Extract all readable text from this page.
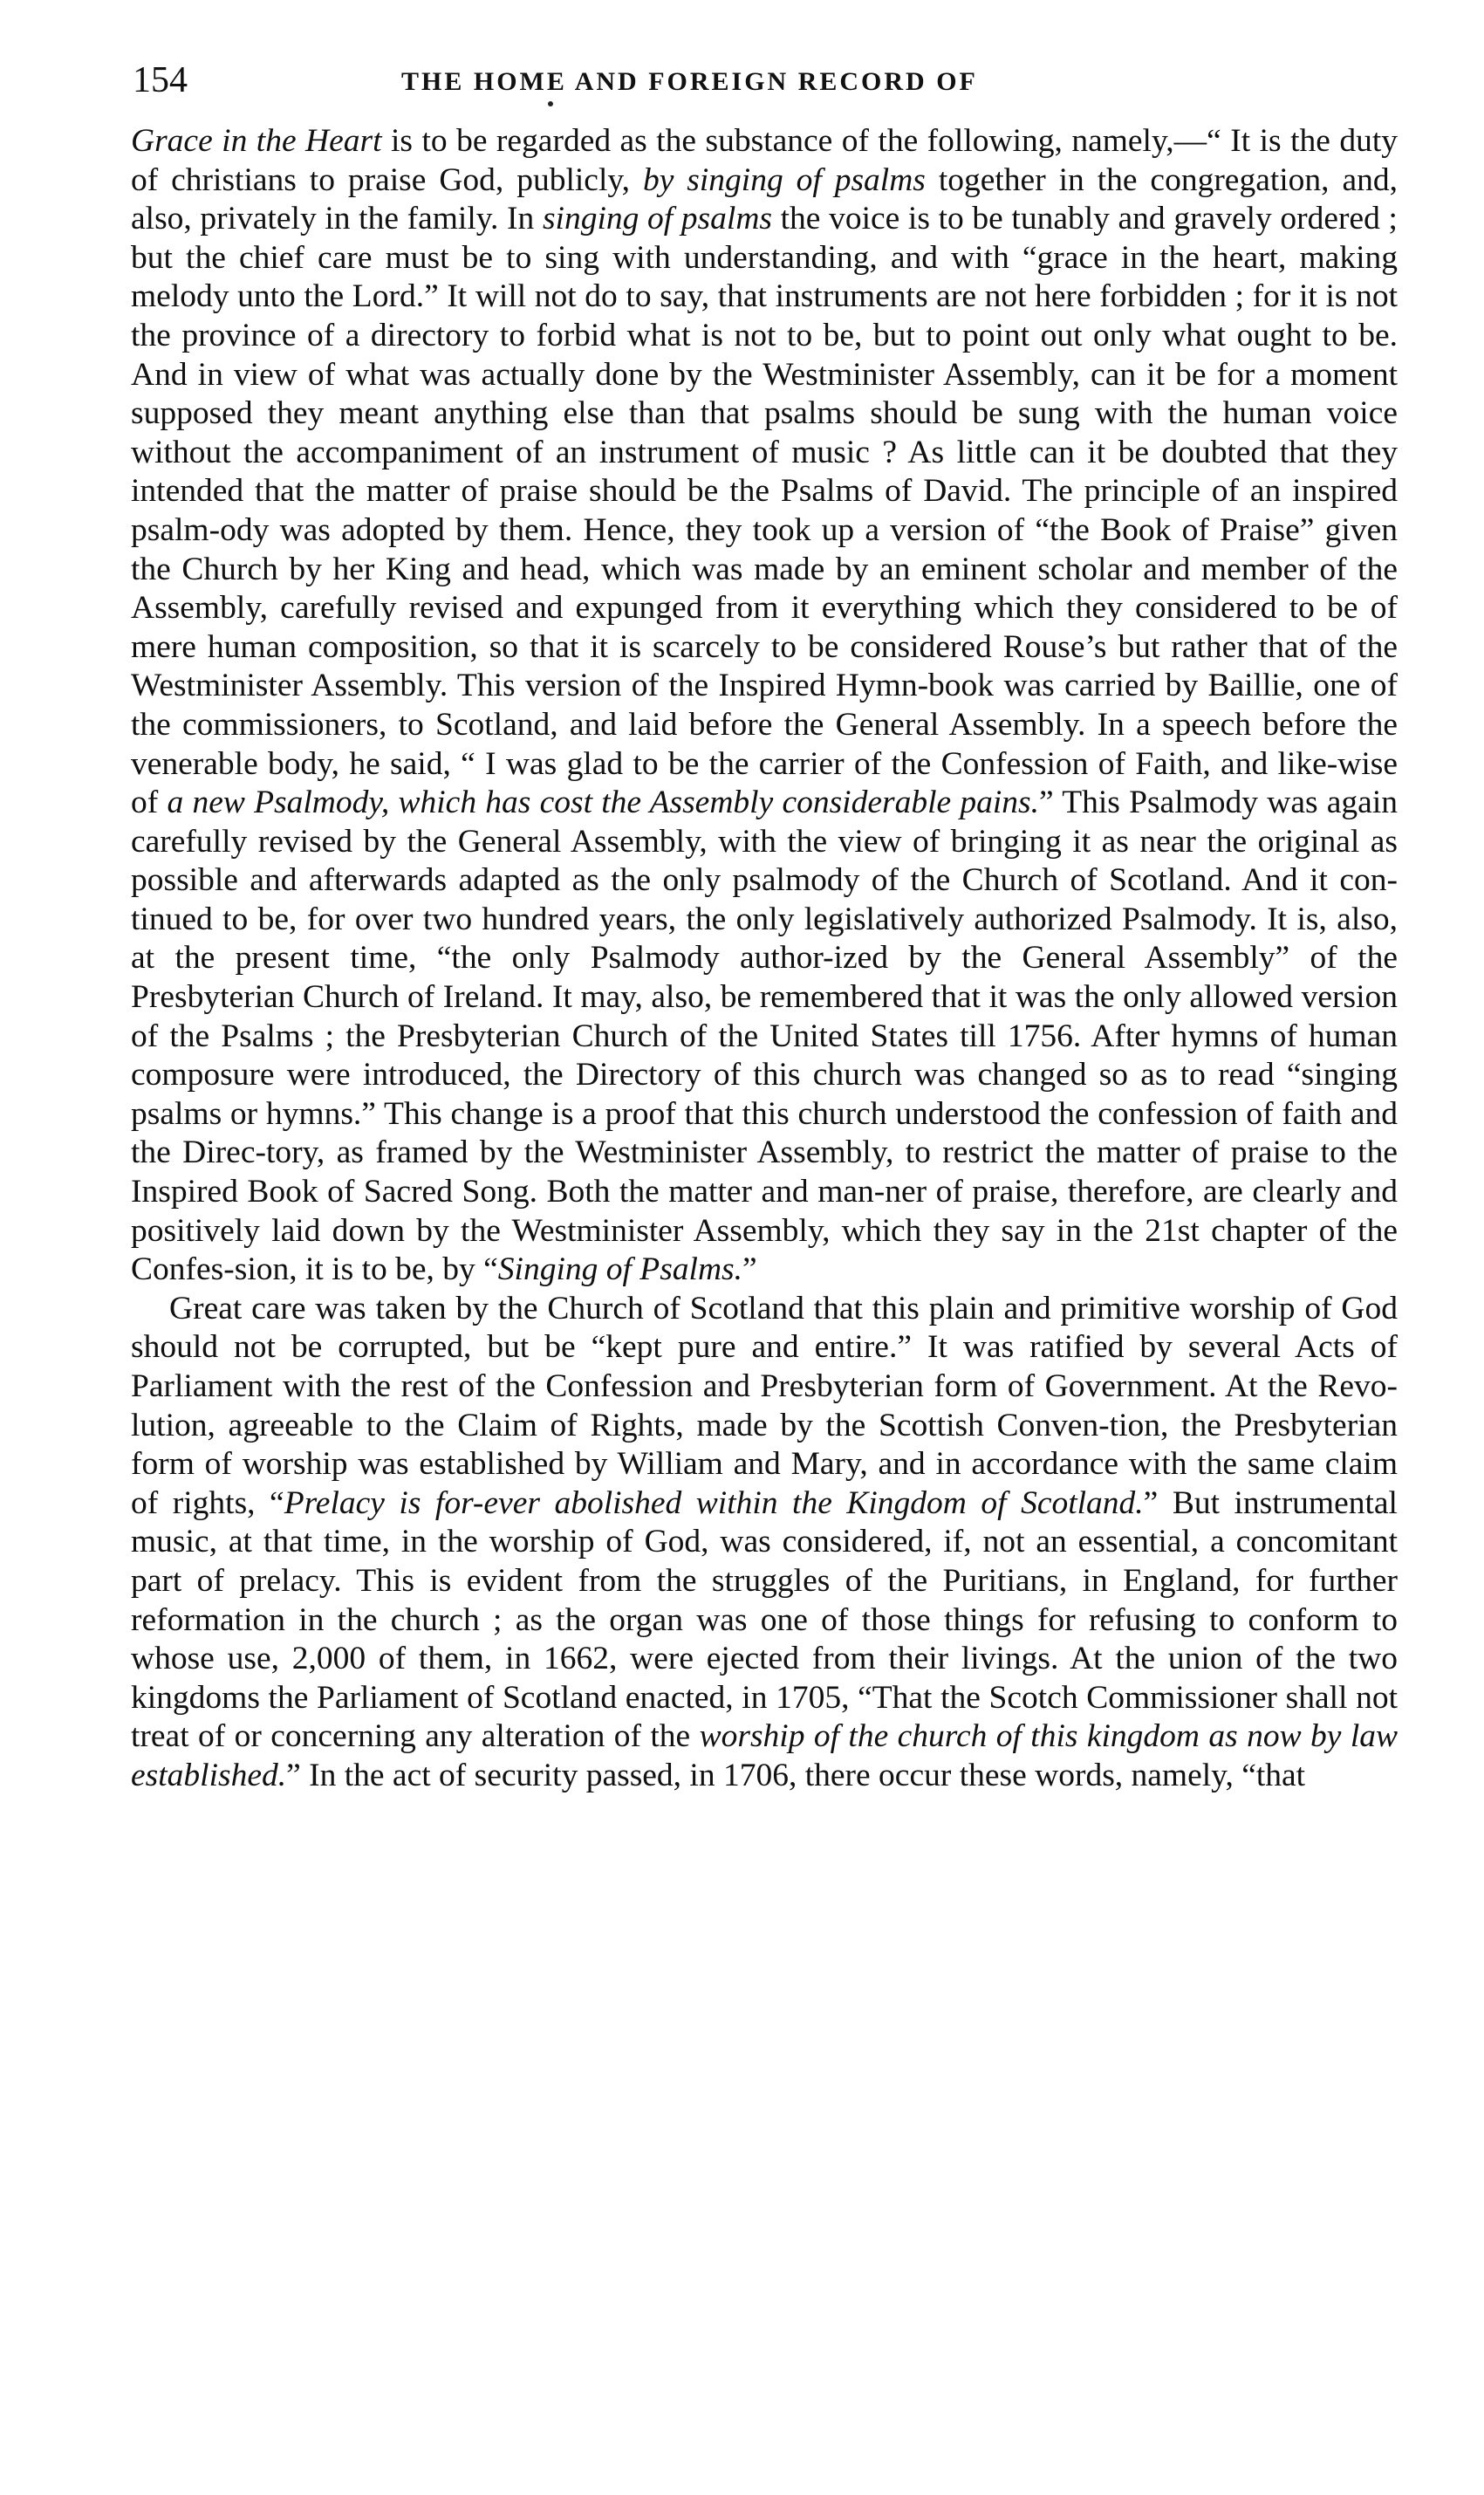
154	THE HOME AND FOREIGN RECORD OF

Grace in the Heart is to be regarded as the substance of the following, namely,—“ It is the duty of christians to praise God, publicly, by singing of psalms together in the congregation, and, also, privately in the family. In singing of psalms the voice is to be tunably and gravely ordered ; but the chief care must be to sing with understanding, and with “grace in the heart, making melody unto the Lord.” It will not do to say, that instruments are not here forbidden ; for it is not the province of a directory to forbid what is not to be, but to point out only what ought to be. And in view of what was actually done by the Westminister Assembly, can it be for a moment supposed they meant anything else than that psalms should be sung with the human voice without the accompaniment of an instrument of music ? As little can it be doubted that they intended that the matter of praise should be the Psalms of David. The principle of an inspired psalm-ody was adopted by them. Hence, they took up a version of “the Book of Praise” given the Church by her King and head, which was made by an eminent scholar and member of the Assembly, carefully revised and expunged from it everything which they considered to be of mere human composition, so that it is scarcely to be considered Rouse’s but rather that of the Westminister Assembly. This version of the Inspired Hymn-book was carried by Baillie, one of the commissioners, to Scotland, and laid before the General Assembly. In a speech before the venerable body, he said, “ I was glad to be the carrier of the Confession of Faith, and like-wise of a new Psalmody, which has cost the Assembly considerable pains.” This Psalmody was again carefully revised by the General Assembly, with the view of bringing it as near the original as possible and afterwards adapted as the only psalmody of the Church of Scotland. And it con-tinued to be, for over two hundred years, the only legislatively authorized Psalmody. It is, also, at the present time, “the only Psalmody author-ized by the General Assembly” of the Presbyterian Church of Ireland. It may, also, be remembered that it was the only allowed version of the Psalms ; the Presbyterian Church of the United States till 1756. After hymns of human composure were introduced, the Directory of this church was changed so as to read “singing psalms or hymns.” This change is a proof that this church understood the confession of faith and the Direc-tory, as framed by the Westminister Assembly, to restrict the matter of praise to the Inspired Book of Sacred Song. Both the matter and man-ner of praise, therefore, are clearly and positively laid down by the Westminister Assembly, which they say in the 21st chapter of the Confes-sion, it is to be, by “Singing of Psalms.”

Great care was taken by the Church of Scotland that this plain and primitive worship of God should not be corrupted, but be “kept pure and entire.” It was ratified by several Acts of Parliament with the rest of the Confession and Presbyterian form of Government. At the Revo-lution, agreeable to the Claim of Rights, made by the Scottish Conven-tion, the Presbyterian form of worship was established by William and Mary, and in accordance with the same claim of rights, “Prelacy is for-ever abolished within the Kingdom of Scotland.” But instrumental music, at that time, in the worship of God, was considered, if, not an essential, a concomitant part of prelacy. This is evident from the struggles of the Puritians, in England, for further reformation in the church ; as the organ was one of those things for refusing to conform to whose use, 2,000 of them, in 1662, were ejected from their livings. At the union of the two kingdoms the Parliament of Scotland enacted, in 1705, “That the Scotch Commissioner shall not treat of or concerning any alteration of the worship of the church of this kingdom as now by law established.” In the act of security passed, in 1706, there occur these words, namely, “that
